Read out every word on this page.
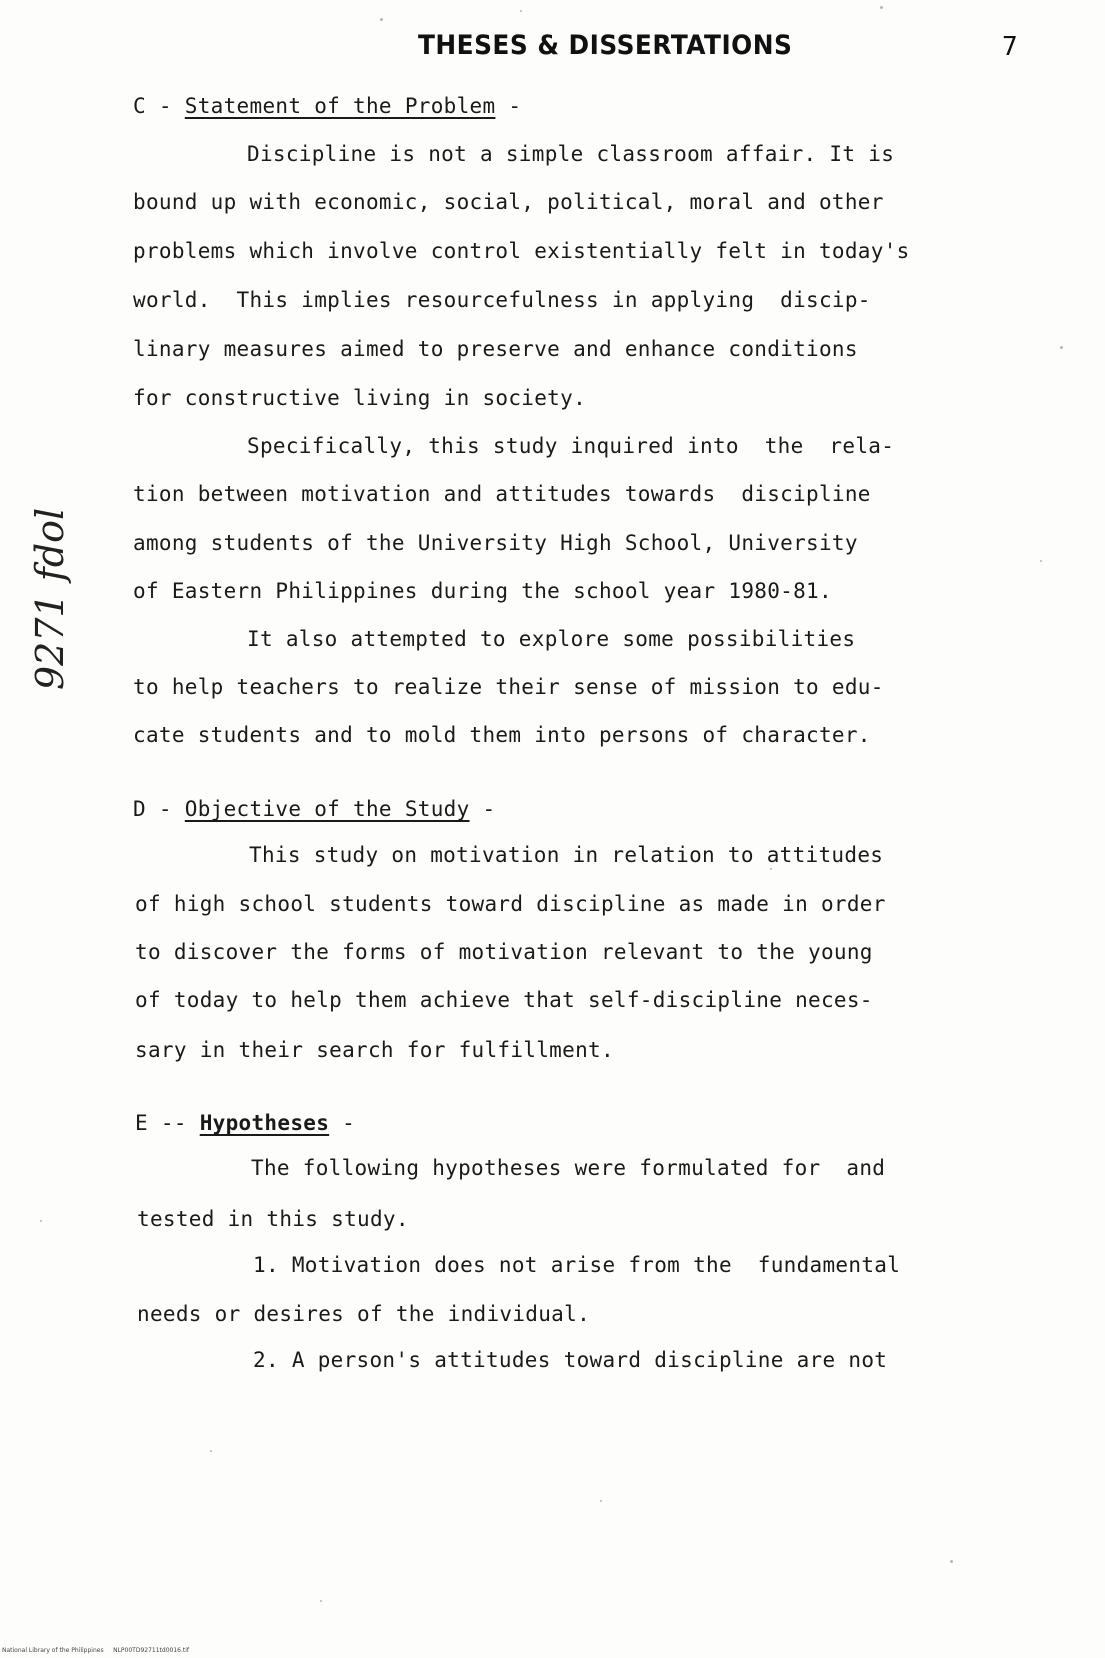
THESES & DISSERTATIONS	7
C - Statement of the Problem -
Discipline is not a simple classroom affair. It is
bound up with economic, social, political, moral and other
problems which involve control existentially felt in today's
world.  This implies resourcefulness in applying  discip-
linary measures aimed to preserve and enhance conditions
for constructive living in society.
Specifically, this study inquired into  the  rela-
tion between motivation and attitudes towards  discipline
among students of the University High School, University
of Eastern Philippines during the school year 1980-81.
It also attempted to explore some possibilities
to help teachers to realize their sense of mission to edu-
cate students and to mold them into persons of character.
D - Objective of the Study -
This study on motivation in relation to attitudes
of high school students toward discipline as made in order
to discover the forms of motivation relevant to the young
of today to help them achieve that self-discipline neces-
sary in their search for fulfillment.
E -- Hypotheses -
The following hypotheses were formulated for  and
tested in this study.
1. Motivation does not arise from the  fundamental
needs or desires of the individual.
2. A person's attitudes toward discipline are not
9271 fdol
National Library of the Philippines     NLP00TD92711td0016.tif
